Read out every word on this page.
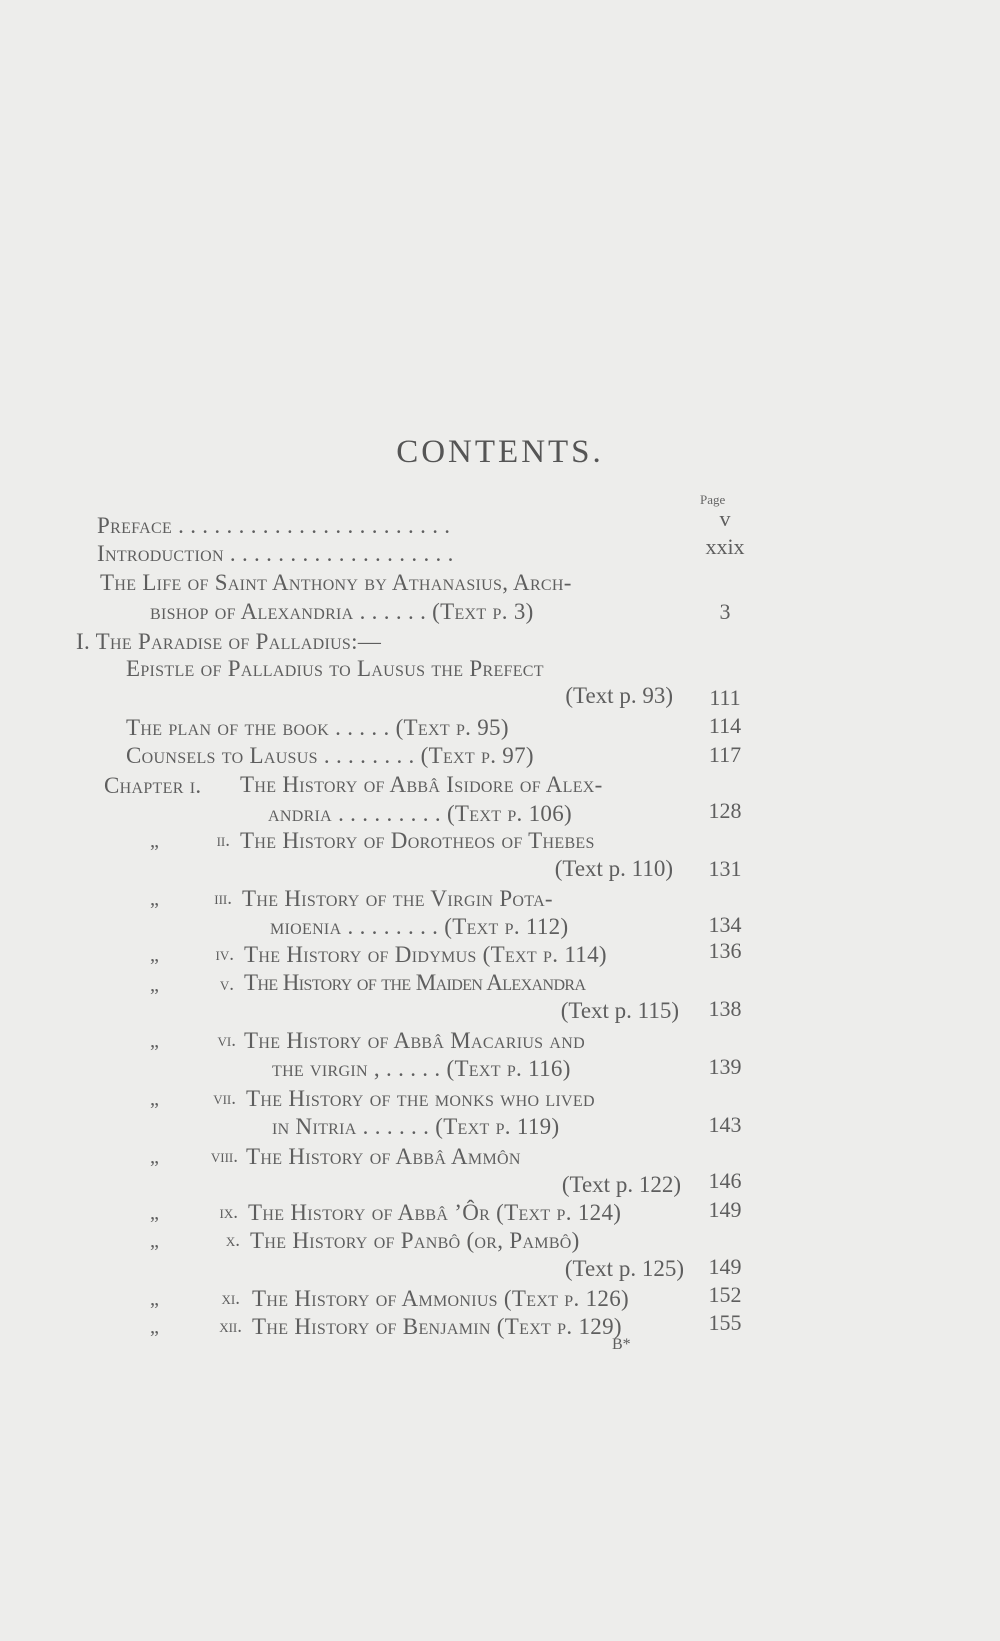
CONTENTS.
Page
Preface . . . . . . . . . . . . . . . . . . . . . . .	v
Introduction . . . . . . . . . . . . . . . . . . .	xxix
The Life of Saint Anthony by Athanasius, Arch-
bishop of Alexandria . . . . . . (Text p. 3)	3
I. The Paradise of Palladius:—
Epistle of Palladius to Lausus the Prefect
(Text p. 93)	111
The plan of the book . . . . . (Text p. 95)	114
Counsels to Lausus . . . . . . . . (Text p. 97)	117
Chapter i. The History of Abbâ Isidore of Alex-
andria . . . . . . . . . (Text p. 106)	128
„	ii. The History of Dorotheos of Thebes
(Text p. 110)	131
„	iii. The History of the Virgin Pota-
mioenia . . . . . . . . (Text p. 112)	134
„	iv. The History of Didymus (Text p. 114)	136
„	v. The History of the Maiden Alexandra
(Text p. 115)	138
„	vi. The History of Abbâ Macarius and
the virgin , . . . . . (Text p. 116)	139
„	vii. The History of the monks who lived
in Nitria . . . . . . (Text p. 119)	143
„	viii. The History of Abbâ Ammôn
(Text p. 122)	146
„	ix. The History of Abbâ ’Ôr (Text p. 124)	149
„	x. The History of Panbô (or, Pambô)
(Text p. 125)	149
„	xi. The History of Ammonius (Text p. 126)	152
„	xii. The History of Benjamin (Text p. 129)	155
B*
